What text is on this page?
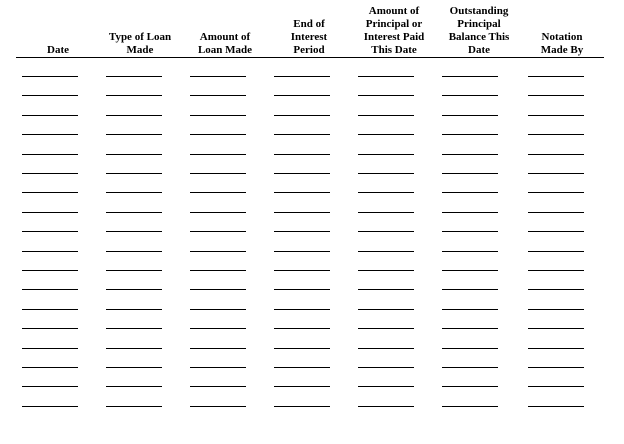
Date
Type of Loan
Made
Amount of
Loan Made
End of
Interest
Period
Amount of
Principal or
Interest Paid
This Date
Outstanding
Principal
Balance This
Date
Notation
Made By
